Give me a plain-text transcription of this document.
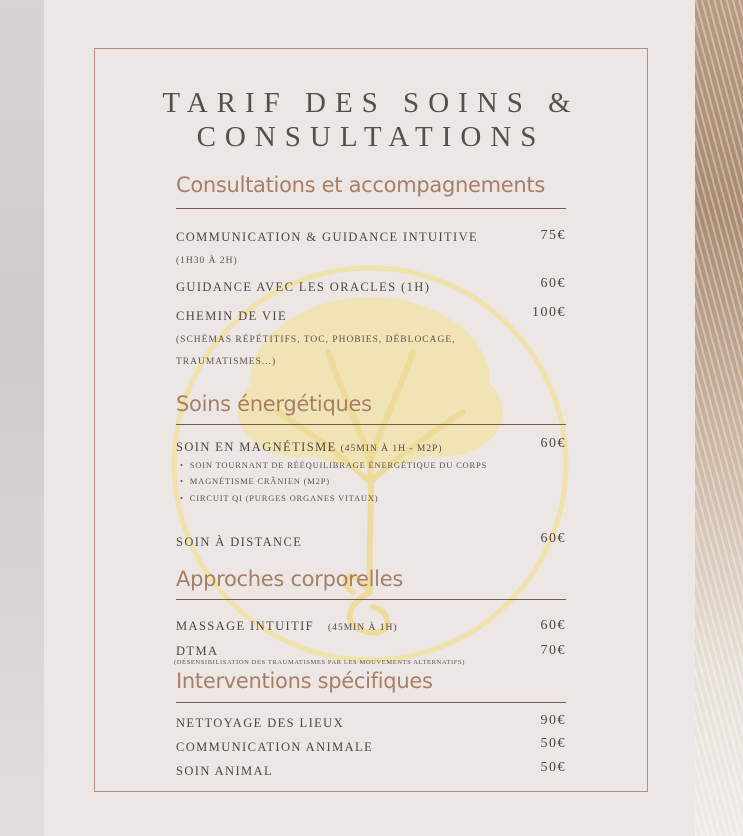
TARIF DES SOINS &
CONSULTATIONS
Consultations et accompagnements
COMMUNICATION & GUIDANCE INTUITIVE	75€
(1H30 À 2H)
GUIDANCE AVEC LES ORACLES (1H)	60€
CHEMIN DE VIE	100€
(SCHÉMAS RÉPÉTITIFS, TOC, PHOBIES, DÉBLOCAGE,
TRAUMATISMES...)
Soins énergétiques
SOIN EN MAGNÉTISME (45MIN À 1H - M2P)	60€
• SOIN TOURNANT DE RÉÉQUILIBRAGE ÉNERGÉTIQUE DU CORPS
• MAGNÉTISME CRÂNIEN (M2P)
• CIRCUIT QI (PURGES ORGANES VITAUX)
SOIN À DISTANCE	60€
Approches corporelles
MASSAGE INTUITIF (45MIN À 1H)	60€
DTMA	70€
(DÉSENSIBILISATION DES TRAUMATISMES PAR LES MOUVEMENTS ALTERNATIFS)
Interventions spécifiques
NETTOYAGE DES LIEUX	90€
COMMUNICATION ANIMALE	50€
SOIN ANIMAL	50€
